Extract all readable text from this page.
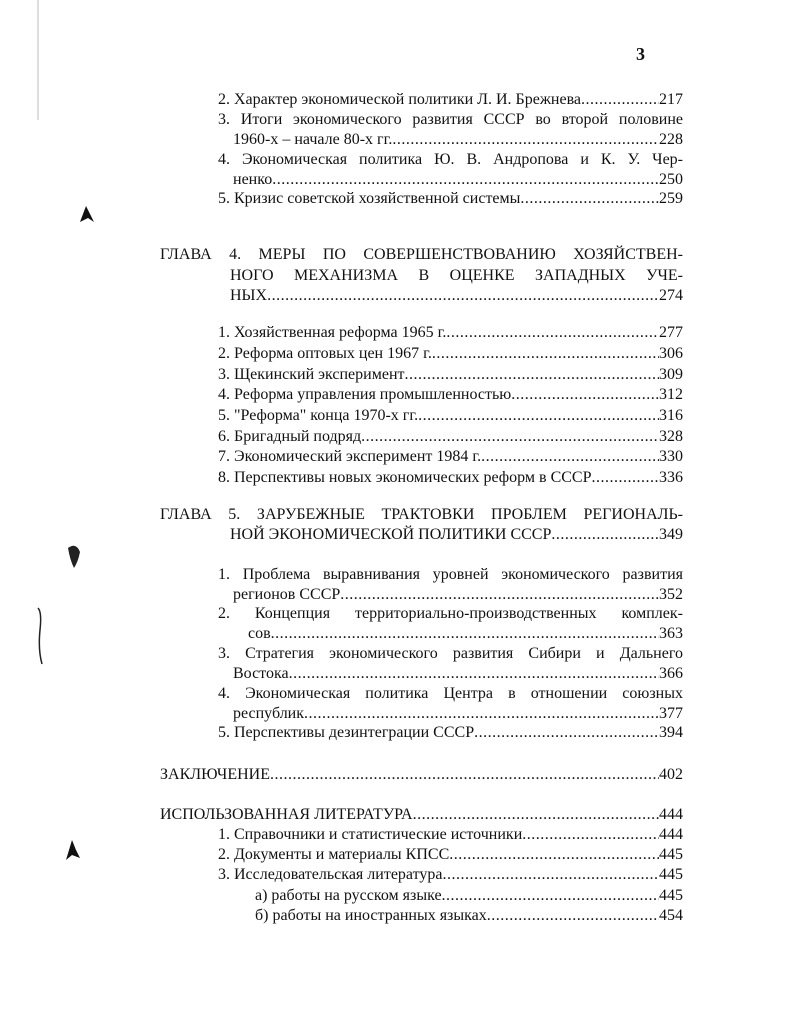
3
2. Характер экономической политики Л. И. Брежнева .....	217
3. Итоги экономического развития СССР во второй половине
1960-х – начале 80-х гг. .....	228
4. Экономическая политика Ю. В. Андропова и К. У. Чер-
ненко .....	250
5. Кризис советской хозяйственной системы .....	259
ГЛАВА 4. МЕРЫ ПО СОВЕРШЕНСТВОВАНИЮ ХОЗЯЙСТВЕН-
НОГО МЕХАНИЗМА В ОЦЕНКЕ ЗАПАДНЫХ УЧЕ-
НЫХ .....	274
1. Хозяйственная реформа 1965 г. .....	277
2. Реформа оптовых цен 1967 г. .....	306
3. Щекинский эксперимент .....	309
4. Реформа управления промышленностью .....	312
5. "Реформа" конца 1970-х гг. .....	316
6. Бригадный подряд .....	328
7. Экономический эксперимент 1984 г. .....	330
8. Перспективы новых экономических реформ в СССР .....	336
ГЛАВА 5. ЗАРУБЕЖНЫЕ ТРАКТОВКИ ПРОБЛЕМ РЕГИОНАЛЬ-
НОЙ ЭКОНОМИЧЕСКОЙ ПОЛИТИКИ СССР .....	349
1. Проблема выравнивания уровней экономического развития
регионов СССР .....	352
2. Концепция территориально-производственных комплек-
сов .....	363
3. Стратегия экономического развития Сибири и Дальнего
Востока .....	366
4. Экономическая политика Центра в отношении союзных
республик .....	377
5. Перспективы дезинтеграции СССР .....	394
ЗАКЛЮЧЕНИЕ .....	402
ИСПОЛЬЗОВАННАЯ ЛИТЕРАТУРА .....	444
1. Справочники и статистические источники .....	444
2. Документы и материалы КПСС .....	445
3. Исследовательская литература .....	445
а) работы на русском языке .....	445
б) работы на иностранных языках .....	454
